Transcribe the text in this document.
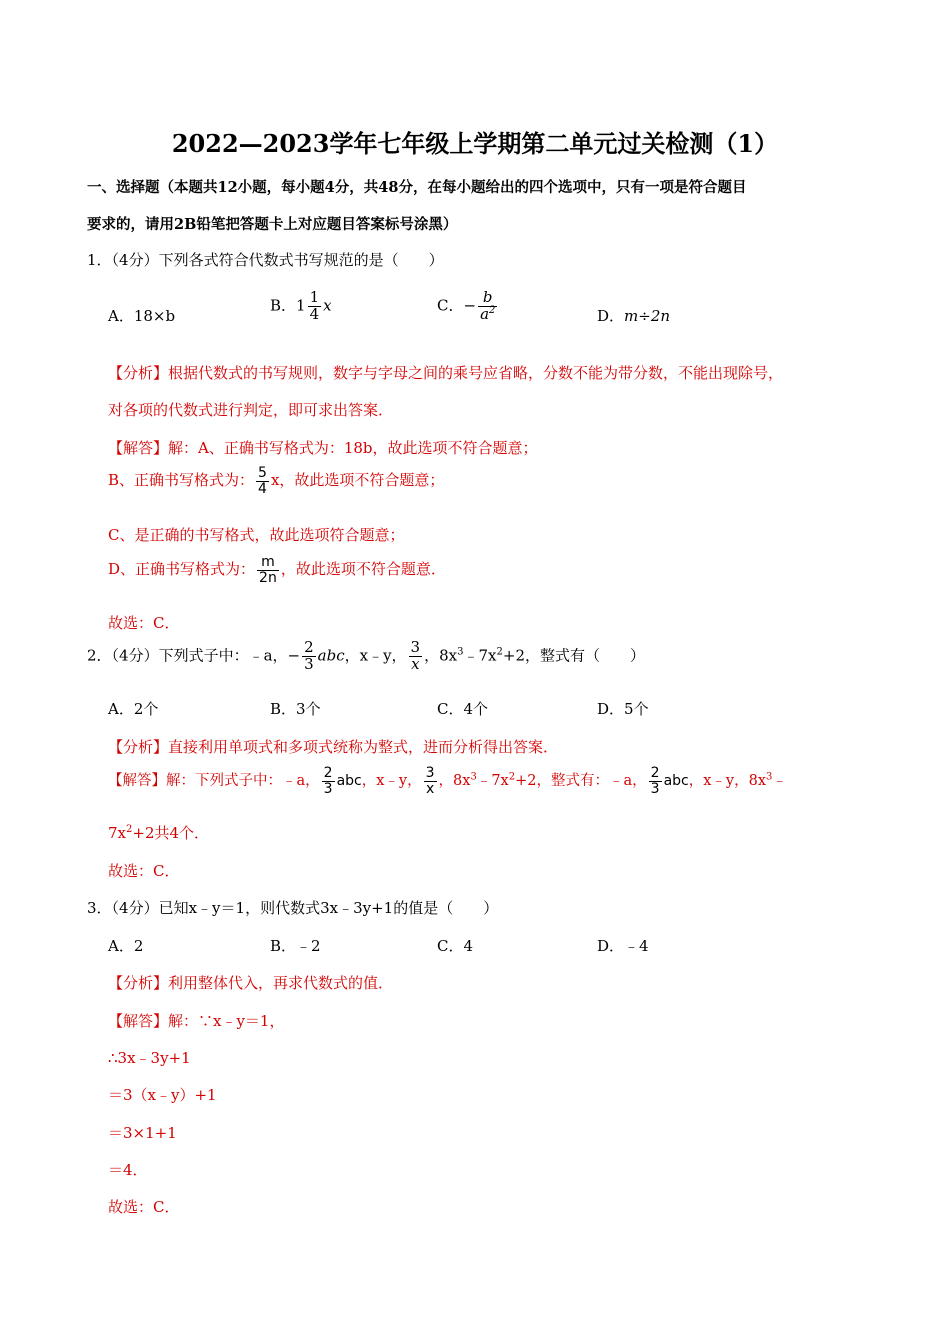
2022—2023学年七年级上学期第二单元过关检测（1）
一、选择题（本题共12小题，每小题4分，共48分，在每小题给出的四个选项中，只有一项是符合题目
要求的，请用2B铅笔把答题卡上对应题目答案标号涂黑）
1．（4分）下列各式符合代数式书写规范的是（　　）
A．18×b
B．$1 \frac{1}{4}$ x	C．− $\frac{b}{a^2}$	D．m÷2n
【分析】根据代数式的书写规则，数字与字母之间的乘号应省略，分数不能为带分数，不能出现除号，
对各项的代数式进行判定，即可求出答案．
【解答】解：A、正确书写格式为：18b，故此选项不符合题意；
B、正确书写格式为： $\frac{5}{4}$ x，故此选项不符合题意；
C、是正确的书写格式，故此选项符合题意；
D、正确书写格式为： $\frac{m}{2n}$ ，故此选项不符合题意．
故选：C．
2．（4分）下列式子中：﹣a，− $\frac{2}{3}$ abc，x﹣y， $\frac{3}{x}$ ，$8x^3﹣7x^2+2$，整式有（　　）
A．2个	B．3个	C．4个	D．5个
【分析】直接利用单项式和多项式统称为整式，进而分析得出答案．
【解答】解：下列式子中：﹣a， $\frac{2}{3}$ abc，x﹣y， $\frac{3}{x}$ ，$8x^3﹣7x^2+2$，整式有：﹣a， $\frac{2}{3}$ abc，x﹣y，$8x^3﹣$
$7x^2+2$共4个．
故选：C．
3．（4分）已知x﹣y＝1，则代数式3x﹣3y+1的值是（　　）
A．2	B．﹣2	C．4	D．﹣4
【分析】利用整体代入，再求代数式的值．
【解答】解：∵x﹣y＝1，
∴3x﹣3y+1
＝3（x﹣y）+1
＝3×1+1
＝4．
故选：C．
